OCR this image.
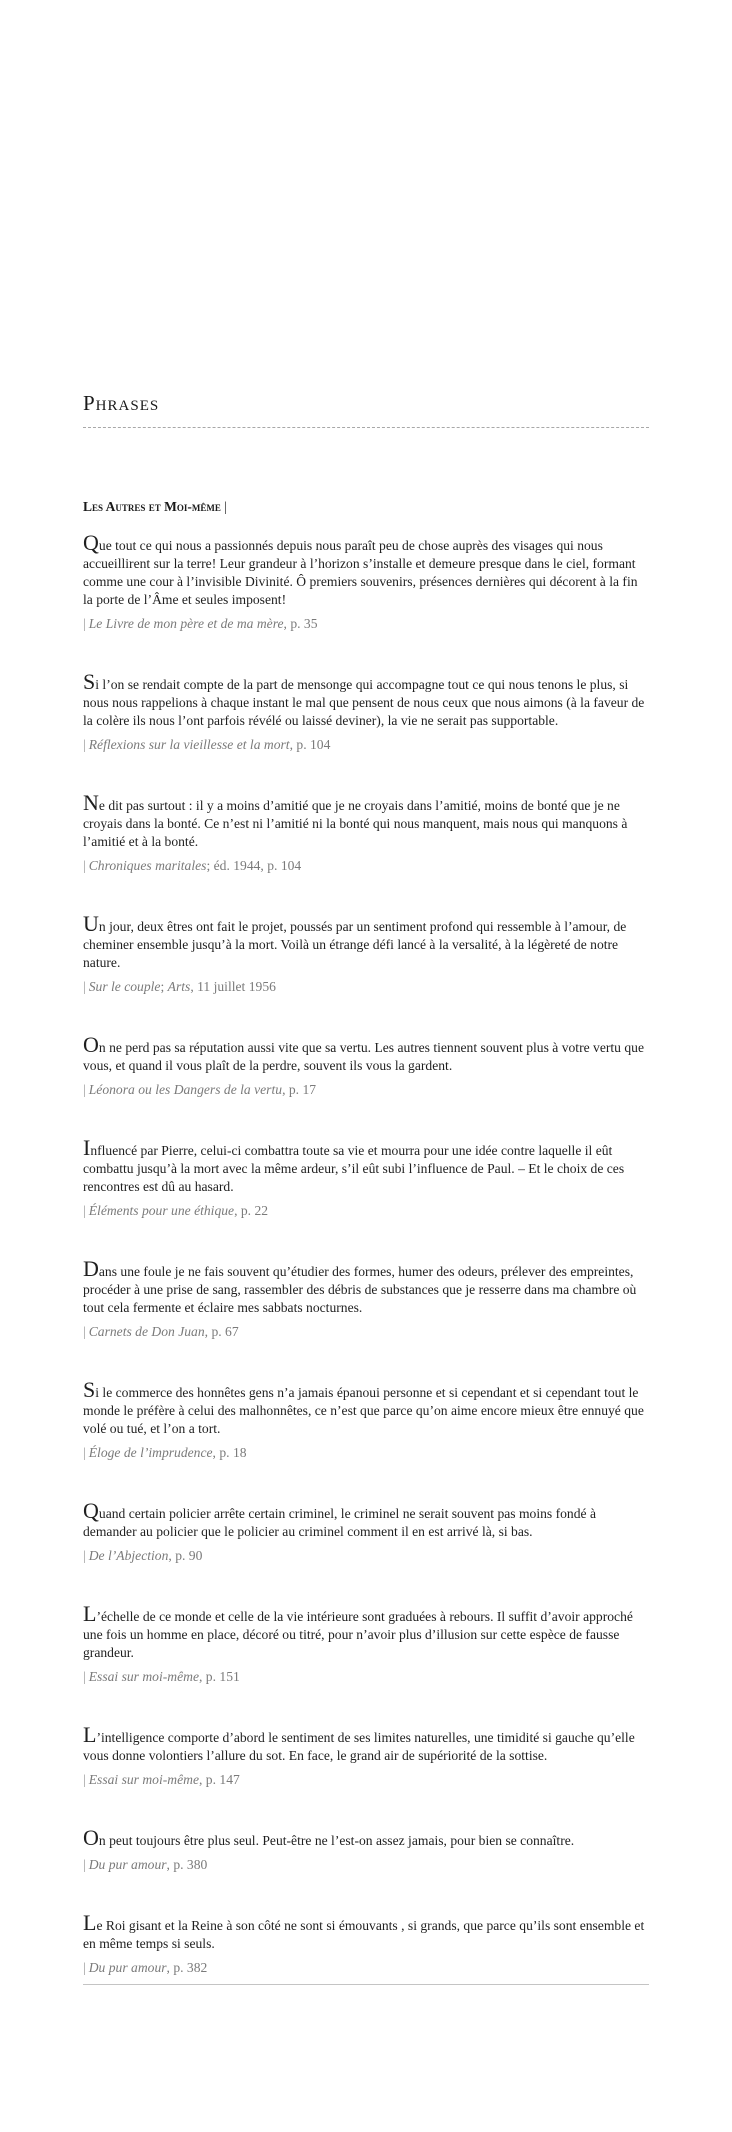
Phrases
Les Autres et Moi-même |

Que tout ce qui nous a passionnés depuis nous paraît peu de chose auprès des visages qui nous accueillirent sur la terre! Leur grandeur à l’horizon s’installe et demeure presque dans le ciel, formant comme une cour à l’invisible Divinité. Ô premiers souvenirs, présences dernières qui décorent à la fin la porte de l’Âme et seules imposent!

| Le Livre de mon père et de ma mère, p. 35

Si l’on se rendait compte de la part de mensonge qui accompagne tout ce qui nous tenons le plus, si nous nous rappelions à chaque instant le mal que pensent de nous ceux que nous aimons (à la faveur de la colère ils nous l’ont parfois révélé ou laissé deviner), la vie ne serait pas supportable.

| Réflexions sur la vieillesse et la mort, p. 104

Ne dit pas surtout : il y a moins d’amitié que je ne croyais dans l’amitié, moins de bonté que je ne croyais dans la bonté. Ce n’est ni l’amitié ni la bonté qui nous manquent, mais nous qui manquons à l’amitié et à la bonté.

| Chroniques maritales; éd. 1944, p. 104

Un jour, deux êtres ont fait le projet, poussés par un sentiment profond qui ressemble à l’amour, de cheminer ensemble jusqu’à la mort. Voilà un étrange défi lancé à la versalité, à la légèreté de notre nature.

| Sur le couple; Arts, 11 juillet 1956

On ne perd pas sa réputation aussi vite que sa vertu. Les autres tiennent souvent plus à votre vertu que vous, et quand il vous plaît de la perdre, souvent ils vous la gardent.

| Léonora ou les Dangers de la vertu, p. 17

Influencé par Pierre, celui-ci combattra toute sa vie et mourra pour une idée contre laquelle il eût combattu jusqu’à la mort avec la même ardeur, s’il eût subi l’influence de Paul. – Et le choix de ces rencontres est dû au hasard.

| Éléments pour une éthique, p. 22

Dans une foule je ne fais souvent qu’étudier des formes, humer des odeurs, prélever des empreintes, procéder à une prise de sang, rassembler des débris de substances que je resserre dans ma chambre où tout cela fermente et éclaire mes sabbats nocturnes.

| Carnets de Don Juan, p. 67

Si le commerce des honnêtes gens n’a jamais épanoui personne et si cependant et si cependant tout le monde le préfère à celui des malhonnêtes, ce n’est que parce qu’on aime encore mieux être ennuyé que volé ou tué, et l’on a tort.

| Éloge de l’imprudence, p. 18

Quand certain policier arrête certain criminel, le criminel ne serait souvent pas moins fondé à demander au policier que le policier au criminel comment il en est arrivé là, si bas.

| De l’Abjection, p. 90

L’échelle de ce monde et celle de la vie intérieure sont graduées à rebours. Il suffit d’avoir approché une fois un homme en place, décoré ou titré, pour n’avoir plus d’illusion sur cette espèce de fausse grandeur.

| Essai sur moi-même, p. 151

L’intelligence comporte d’abord le sentiment de ses limites naturelles, une timidité si gauche qu’elle vous donne volontiers l’allure du sot. En face, le grand air de supériorité de la sottise.

| Essai sur moi-même, p. 147

On peut toujours être plus seul. Peut-être ne l’est-on assez jamais, pour bien se connaître.

| Du pur amour, p. 380

Le Roi gisant et la Reine à son côté ne sont si émouvants , si grands, que parce qu’ils sont ensemble et en même temps si seuls.

| Du pur amour, p. 382
